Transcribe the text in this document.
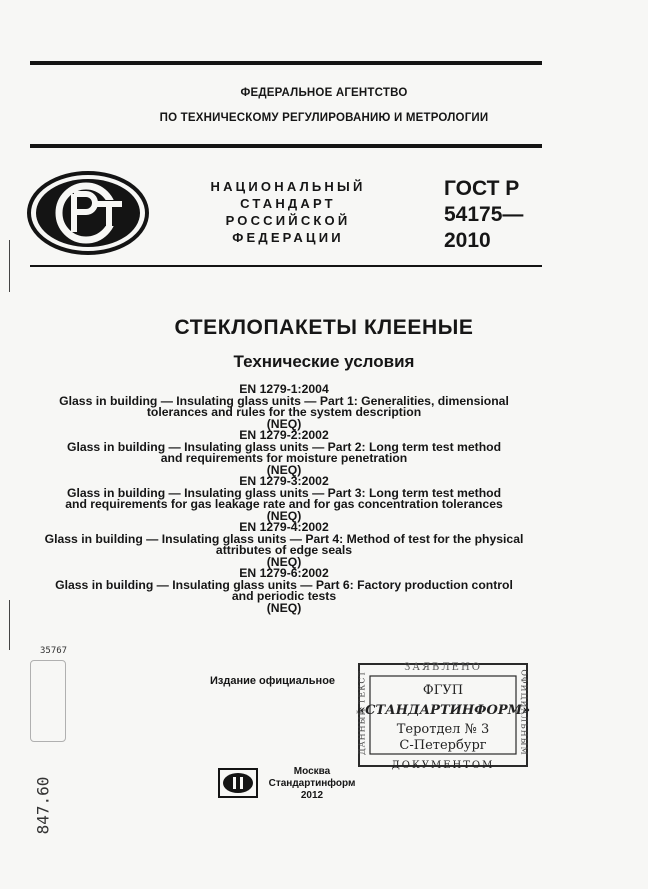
ФЕДЕРАЛЬНОЕ АГЕНТСТВО
ПО ТЕХНИЧЕСКОМУ РЕГУЛИРОВАНИЮ И МЕТРОЛОГИИ
НАЦИОНАЛЬНЫЙ
СТАНДАРТ
РОССИЙСКОЙ
ФЕДЕРАЦИИ
ГОСТ Р
54175—
2010
СТЕКЛОПАКЕТЫ КЛЕЕНЫЕ
Технические условия
EN 1279-1:2004
Glass in building — Insulating glass units — Part 1: Generalities, dimensional
tolerances and rules for the system description
(NEQ)
EN 1279-2:2002
Glass in building — Insulating glass units — Part 2: Long term test method
and requirements for moisture penetration
(NEQ)
EN 1279-3:2002
Glass in building — Insulating glass units — Part 3: Long term test method
and requirements for gas leakage rate and for gas concentration tolerances
(NEQ)
EN 1279-4:2002
Glass in building — Insulating glass units — Part 4: Method of test for the physical
attributes of edge seals
(NEQ)
EN 1279-6:2002
Glass in building — Insulating glass units — Part 6: Factory production control
and periodic tests
(NEQ)
Издание официальное
ЗАЯВЛЕНО
ДОКУМЕНТОМ
ДАННЫЙ ТЕКСТ	ОФИЦИАЛЬНЫМ
ФГУП
«СТАНДАРТИНФОРМ»
Теротдел № 3
С-Петербург
Москва
Стандартинформ
2012
35767
847.60
